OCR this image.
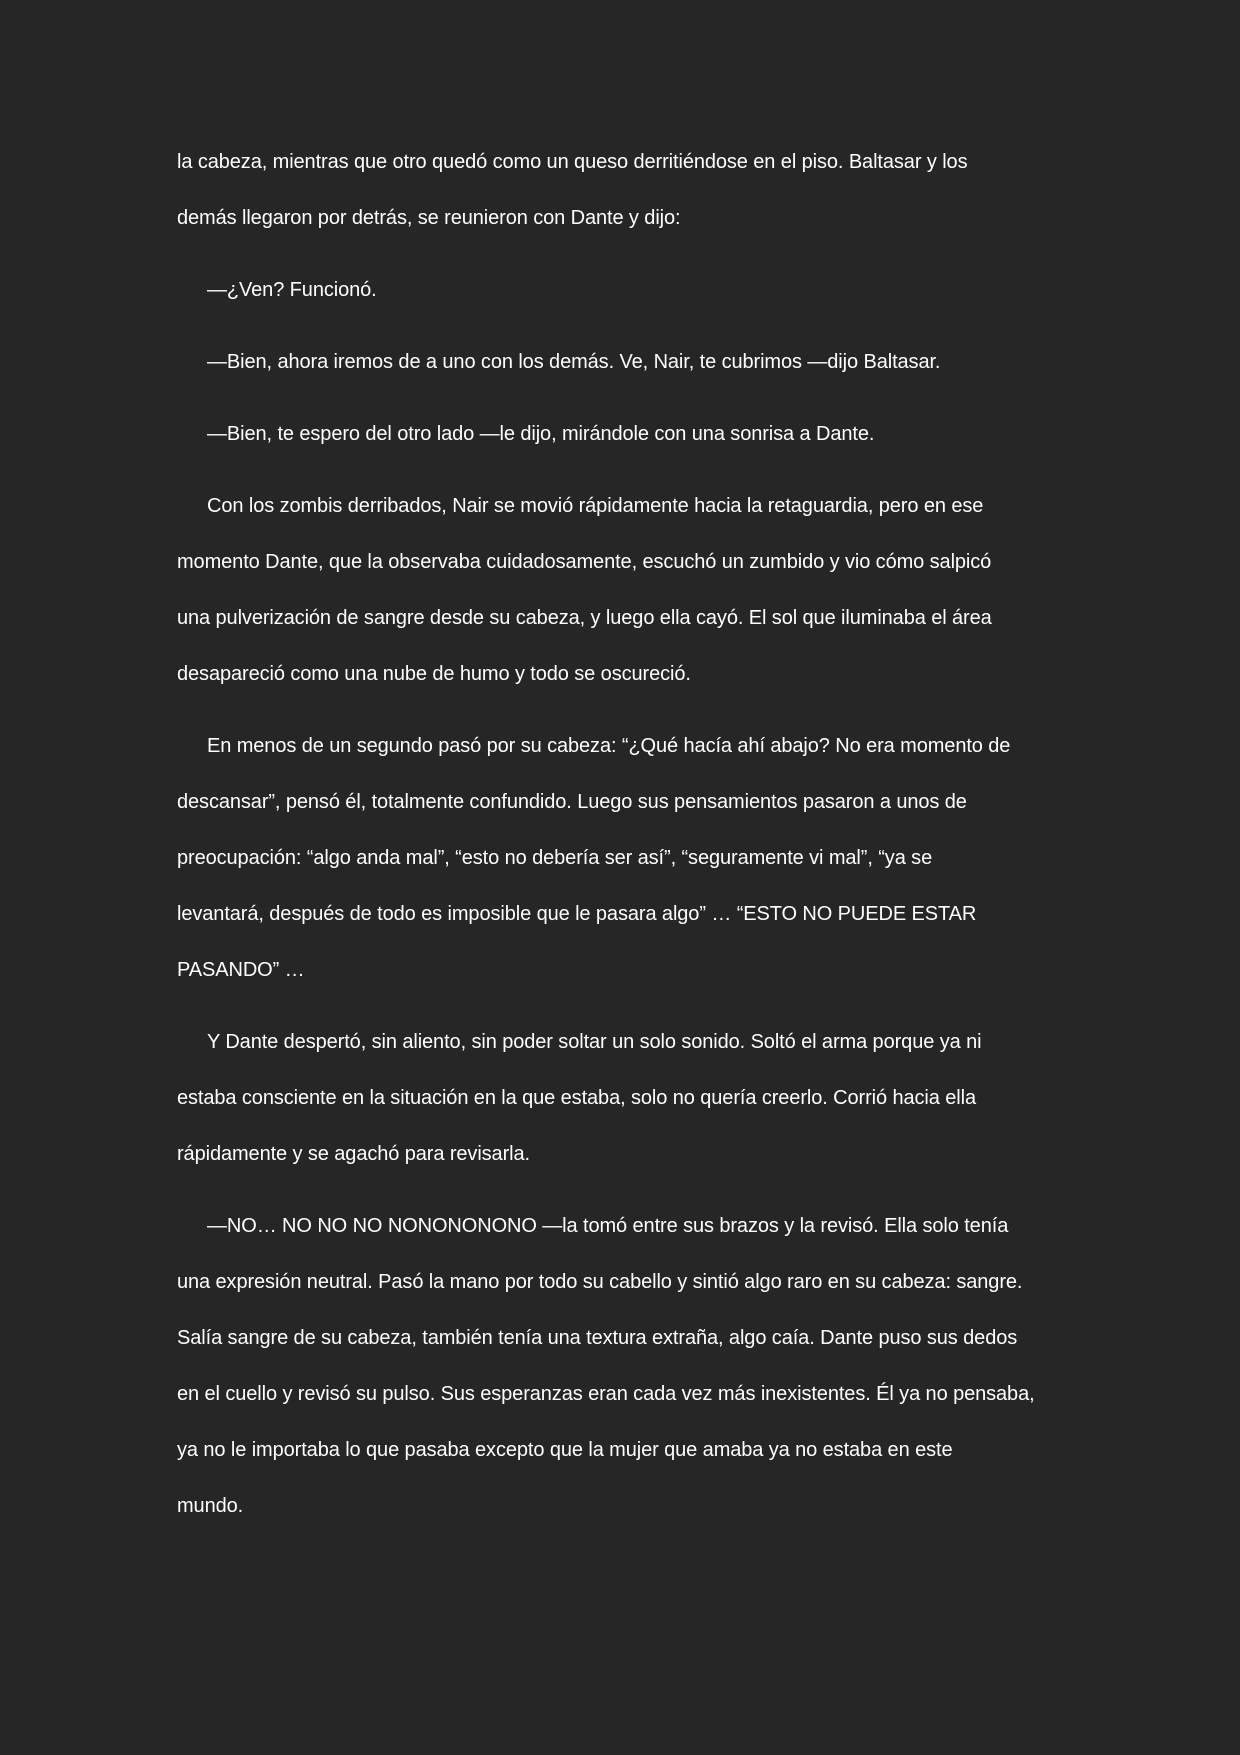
la cabeza, mientras que otro quedó como un queso derritiéndose en el piso. Baltasar y los
demás llegaron por detrás, se reunieron con Dante y dijo:

—¿Ven? Funcionó.

—Bien, ahora iremos de a uno con los demás. Ve, Nair, te cubrimos —dijo Baltasar.

—Bien, te espero del otro lado —le dijo, mirándole con una sonrisa a Dante.

Con los zombis derribados, Nair se movió rápidamente hacia la retaguardia, pero en ese
momento Dante, que la observaba cuidadosamente, escuchó un zumbido y vio cómo salpicó
una pulverización de sangre desde su cabeza, y luego ella cayó. El sol que iluminaba el área
desapareció como una nube de humo y todo se oscureció.

En menos de un segundo pasó por su cabeza: “¿Qué hacía ahí abajo? No era momento de
descansar”, pensó él, totalmente confundido. Luego sus pensamientos pasaron a unos de
preocupación: “algo anda mal”, “esto no debería ser así”, “seguramente vi mal”, “ya se
levantará, después de todo es imposible que le pasara algo” … “ESTO NO PUEDE ESTAR
PASANDO” …

Y Dante despertó, sin aliento, sin poder soltar un solo sonido. Soltó el arma porque ya ni
estaba consciente en la situación en la que estaba, solo no quería creerlo. Corrió hacia ella
rápidamente y se agachó para revisarla.

—NO… NO NO NO NONONONONO —la tomó entre sus brazos y la revisó. Ella solo tenía
una expresión neutral. Pasó la mano por todo su cabello y sintió algo raro en su cabeza: sangre.
Salía sangre de su cabeza, también tenía una textura extraña, algo caía. Dante puso sus dedos
en el cuello y revisó su pulso. Sus esperanzas eran cada vez más inexistentes. Él ya no pensaba,
ya no le importaba lo que pasaba excepto que la mujer que amaba ya no estaba en este
mundo.
